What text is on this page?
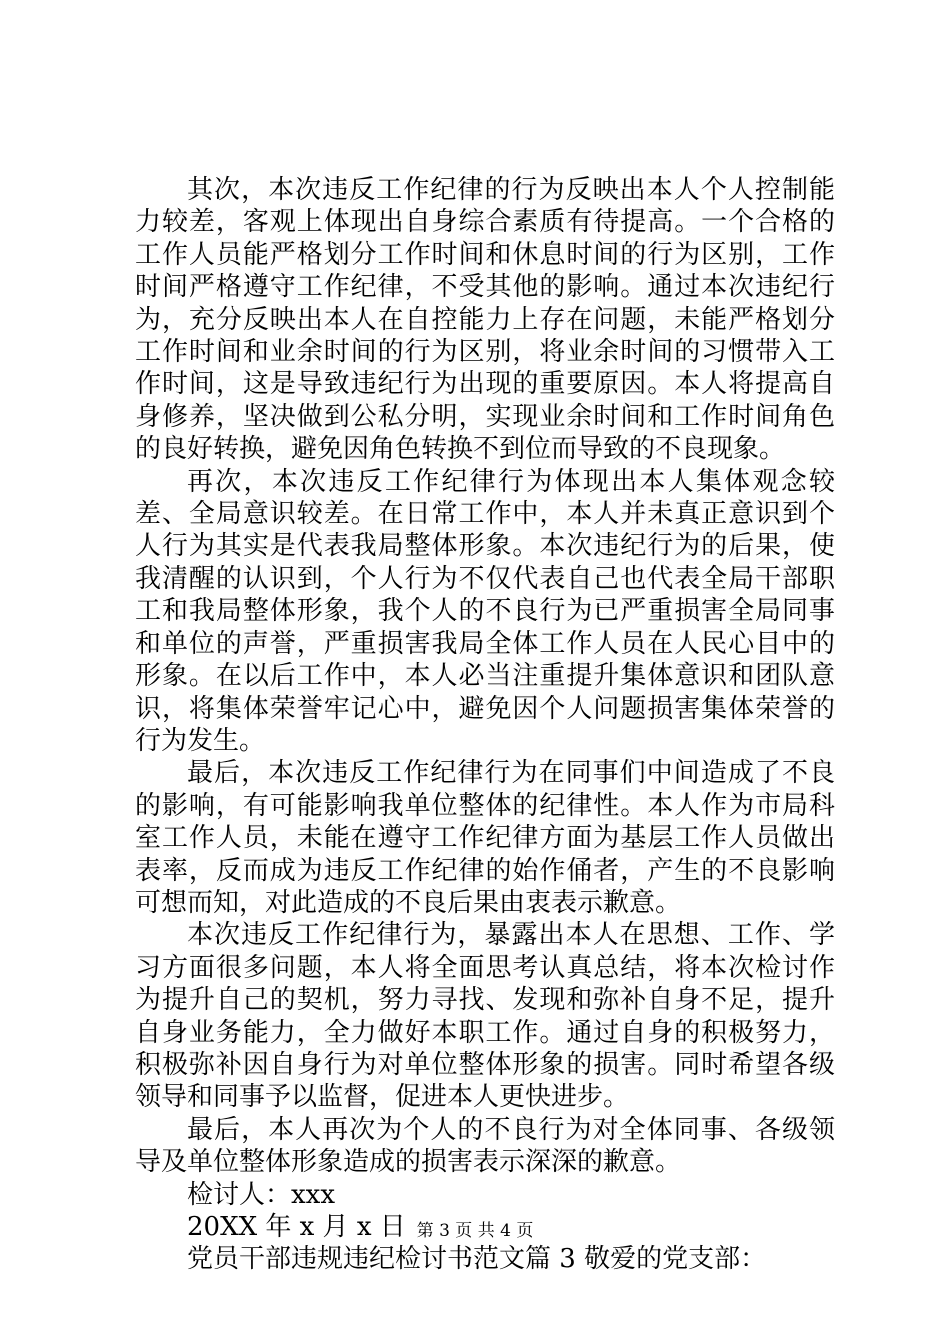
其次，本次违反工作纪律的行为反映出本人个人控制能力较差，客观上体现出自身综合素质有待提高。一个合格的工作人员能严格划分工作时间和休息时间的行为区别，工作时间严格遵守工作纪律，不受其他的影响。通过本次违纪行为，充分反映出本人在自控能力上存在问题，未能严格划分工作时间和业余时间的行为区别，将业余时间的习惯带入工作时间，这是导致违纪行为出现的重要原因。本人将提高自身修养，坚决做到公私分明，实现业余时间和工作时间角色的良好转换，避免因角色转换不到位而导致的不良现象。

再次，本次违反工作纪律行为体现出本人集体观念较差、全局意识较差。在日常工作中，本人并未真正意识到个人行为其实是代表我局整体形象。本次违纪行为的后果，使我清醒的认识到，个人行为不仅代表自己也代表全局干部职工和我局整体形象，我个人的不良行为已严重损害全局同事和单位的声誉，严重损害我局全体工作人员在人民心目中的形象。在以后工作中，本人必当注重提升集体意识和团队意识，将集体荣誉牢记心中，避免因个人问题损害集体荣誉的行为发生。

最后，本次违反工作纪律行为在同事们中间造成了不良的影响，有可能影响我单位整体的纪律性。本人作为市局科室工作人员，未能在遵守工作纪律方面为基层工作人员做出表率，反而成为违反工作纪律的始作俑者，产生的不良影响可想而知，对此造成的不良后果由衷表示歉意。

本次违反工作纪律行为，暴露出本人在思想、工作、学习方面很多问题，本人将全面思考认真总结，将本次检讨作为提升自己的契机，努力寻找、发现和弥补自身不足，提升自身业务能力，全力做好本职工作。通过自身的积极努力，积极弥补因自身行为对单位整体形象的损害。同时希望各级领导和同事予以监督，促进本人更快进步。

最后，本人再次为个人的不良行为对全体同事、各级领导及单位整体形象造成的损害表示深深的歉意。

检讨人：xxx

20XX 年 x 月 x 日

党员干部违规违纪检讨书范文篇 3 敬爱的党支部：

第 3 页 共 4 页
